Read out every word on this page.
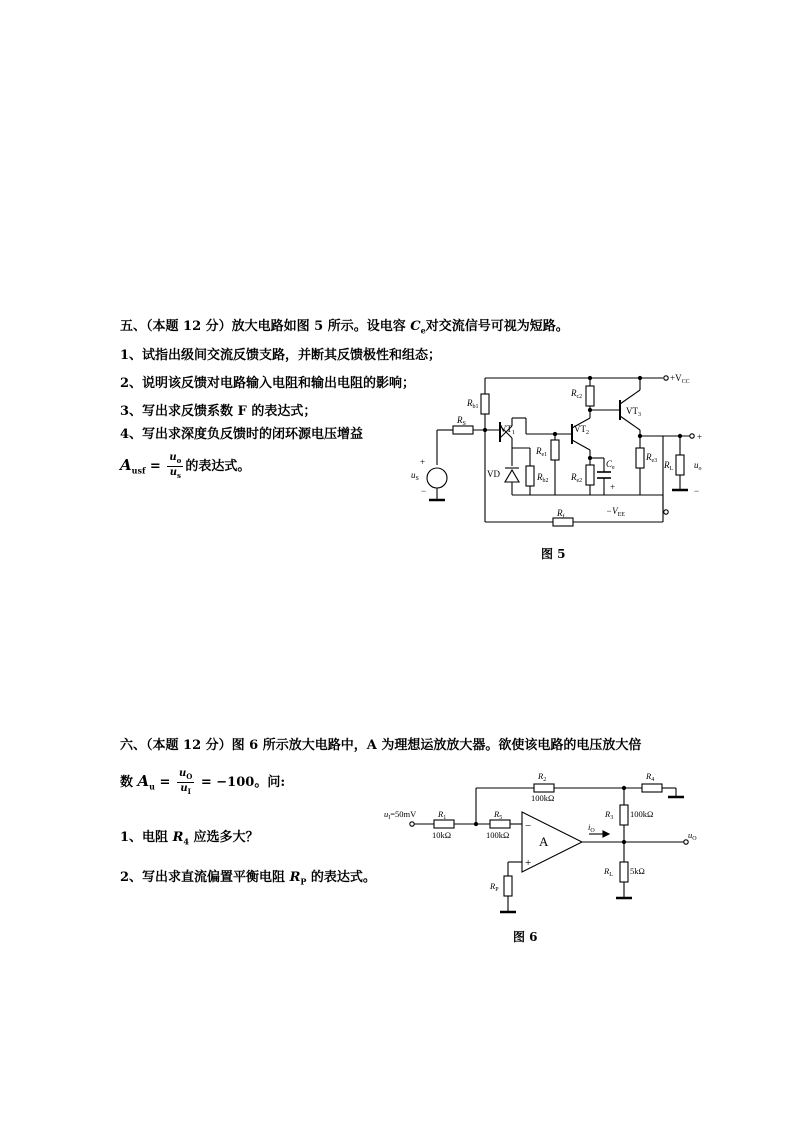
五、（本题 12 分）放大电路如图 5 所示。设电容 $C_e$对交流信号可视为短路。
1、试指出级间交流反馈支路，并断其反馈极性和组态；
2、说明该反馈对电路输入电阻和输出电阻的影响；
3、写出求反馈系数 F 的表达式；
4、写出求深度负反馈时的闭环源电压增益
$A_{usf} = \frac{u_o}{u_s}$ 的表达式。
$R_{b1}$
$R_{c2}$
$+V_{CC}$
$VT_3$
$R_S$	$VT_1$	$VT_2$
$R_{e1}$
$u_S$
+
−
VD	$R_{b2}$	$R_{e2}$
$C_e$
+
$R_{e3}$ $R_L$ $u_o$
+
−
$-V_{EE}$
$R_f$
图 5
六、（本题 12 分）图 6 所示放大电路中，A 为理想运放放大器。欲使该电路的电压放大倍
数 $A_u = \frac{u_O}{u_I} = -100$。问:
1、电阻 $R_4$ 应选多大？
2、写出求直流偏置平衡电阻 $R_P$ 的表达式。
$u_I=50mV$	$R_1$
10kΩ
$R_5$
100kΩ
$R_2$
100kΩ
$R_4$
$R_3$ 100kΩ
$i_O$	$u_O$
A
−
+
$R_P$
$R_L$ 5kΩ
图 6
